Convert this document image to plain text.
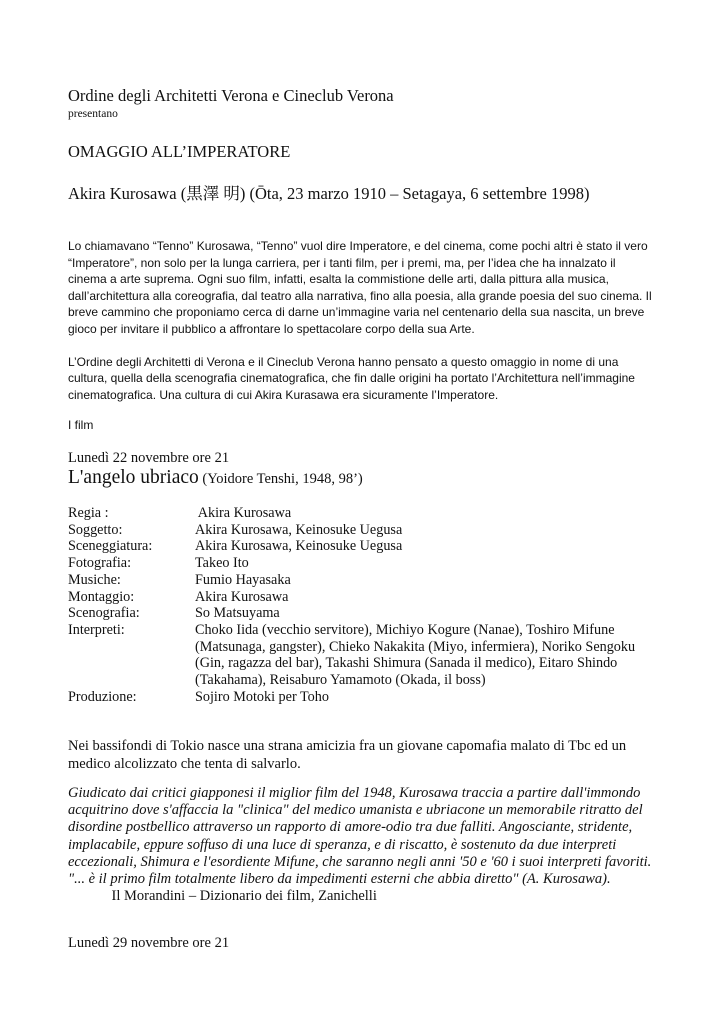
Ordine degli Architetti Verona e Cineclub Verona
presentano
OMAGGIO ALL’IMPERATORE
Akira Kurosawa (黒澤 明) (Ōta, 23 marzo 1910 – Setagaya, 6 settembre 1998)

Lo chiamavano “Tenno” Kurosawa, “Tenno” vuol dire Imperatore, e del cinema, come pochi altri è stato il vero “Imperatore”, non solo per la lunga carriera, per i tanti film, per i premi, ma, per l’idea che ha innalzato il cinema a arte suprema. Ogni suo film, infatti, esalta la commistione delle arti, dalla pittura alla musica, dall’architettura alla coreografia, dal teatro alla narrativa, fino alla poesia, alla grande poesia del suo cinema. Il breve cammino che proponiamo cerca di darne un’immagine varia nel centenario della sua nascita, un breve gioco per invitare il pubblico a affrontare lo spettacolare corpo della sua Arte.

L’Ordine degli Architetti di Verona e il Cineclub Verona hanno pensato a questo omaggio in nome di una cultura, quella della scenografia cinematografica, che fin dalle origini ha portato l’Architettura nell’immagine cinematografica. Una cultura di cui Akira Kurasawa era sicuramente l’Imperatore.

I film
Lunedì 22 novembre ore 21
L'angelo ubriaco (Yoidore Tenshi, 1948, 98’)
Regia :	Akira Kurosawa
Soggetto:	Akira Kurosawa, Keinosuke Uegusa
Sceneggiatura:	Akira Kurosawa, Keinosuke Uegusa
Fotografia:	Takeo Ito
Musiche:	Fumio Hayasaka
Montaggio:	Akira Kurosawa
Scenografia:	So Matsuyama
Interpreti:	Choko Iida (vecchio servitore), Michiyo Kogure (Nanae), Toshiro Mifune (Matsunaga, gangster), Chieko Nakakita (Miyo, infermiera), Noriko Sengoku (Gin, ragazza del bar), Takashi Shimura (Sanada il medico), Eitaro Shindo (Takahama), Reisaburo Yamamoto (Okada, il boss)
Produzione:	Sojiro Motoki per Toho
Nei bassifondi di Tokio nasce una strana amicizia fra un giovane capomafia malato di Tbc ed un medico alcolizzato che tenta di salvarlo.
Giudicato dai critici giapponesi il miglior film del 1948, Kurosawa traccia a partire dall'immondo acquitrino dove s'affaccia la "clinica" del medico umanista e ubriacone un memorabile ritratto del disordine postbellico attraverso un rapporto di amore-odio tra due falliti. Angosciante, stridente, implacabile, eppure soffuso di una luce di speranza, e di riscatto, è sostenuto da due interpreti eccezionali, Shimura e l'esordiente Mifune, che saranno negli anni '50 e '60 i suoi interpreti favoriti. "... è il primo film totalmente libero da impedimenti esterni che abbia diretto" (A. Kurosawa).            Il Morandini – Dizionario dei film, Zanichelli
Lunedì 29 novembre ore 21
